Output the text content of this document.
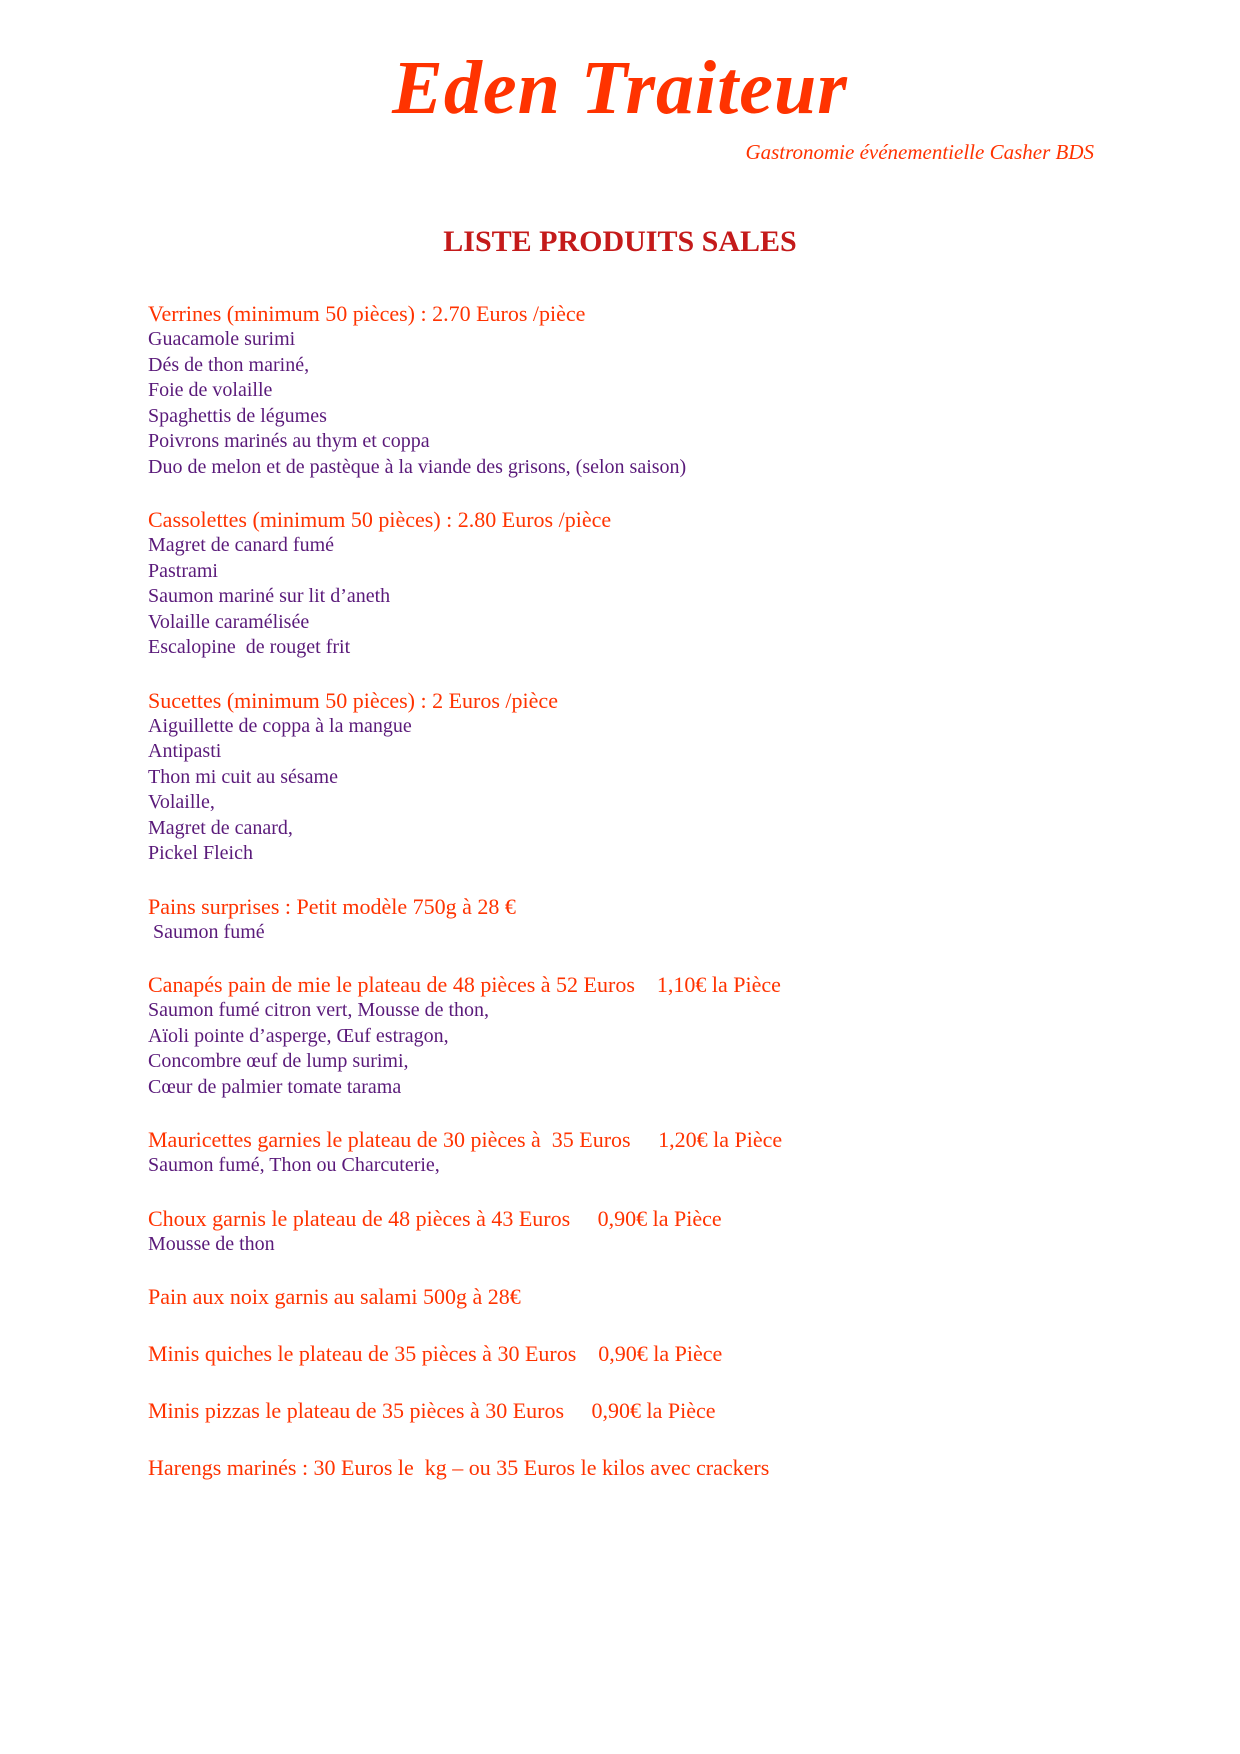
Eden Traiteur
Gastronomie événementielle Casher BDS
LISTE PRODUITS SALES
Verrines (minimum 50 pièces) : 2.70 Euros /pièce
Guacamole surimi
Dés de thon mariné,
Foie de volaille
Spaghettis de légumes
Poivrons marinés au thym et coppa
Duo de melon et de pastèque à la viande des grisons, (selon saison)
Cassolettes (minimum 50 pièces) : 2.80 Euros /pièce
Magret de canard fumé
Pastrami
Saumon mariné sur lit d’aneth
Volaille caramélisée
Escalopine  de rouget frit
Sucettes (minimum 50 pièces) : 2 Euros /pièce
Aiguillette de coppa à la mangue
Antipasti
Thon mi cuit au sésame
Volaille,
Magret de canard,
Pickel Fleich
Pains surprises : Petit modèle 750g à 28 €
Saumon fumé
Canapés pain de mie le plateau de 48 pièces à 52 Euros    1,10€ la Pièce
Saumon fumé citron vert, Mousse de thon,
Aïoli pointe d’asperge, Œuf estragon,
Concombre œuf de lump surimi,
Cœur de palmier tomate tarama
Mauricettes garnies le plateau de 30 pièces à  35 Euros     1,20€ la Pièce
Saumon fumé, Thon ou Charcuterie,
Choux garnis le plateau de 48 pièces à 43 Euros     0,90€ la Pièce
Mousse de thon
Pain aux noix garnis au salami 500g à 28€
Minis quiches le plateau de 35 pièces à 30 Euros    0,90€ la Pièce
Minis pizzas le plateau de 35 pièces à 30 Euros     0,90€ la Pièce
Harengs marinés : 30 Euros le  kg – ou 35 Euros le kilos avec crackers
